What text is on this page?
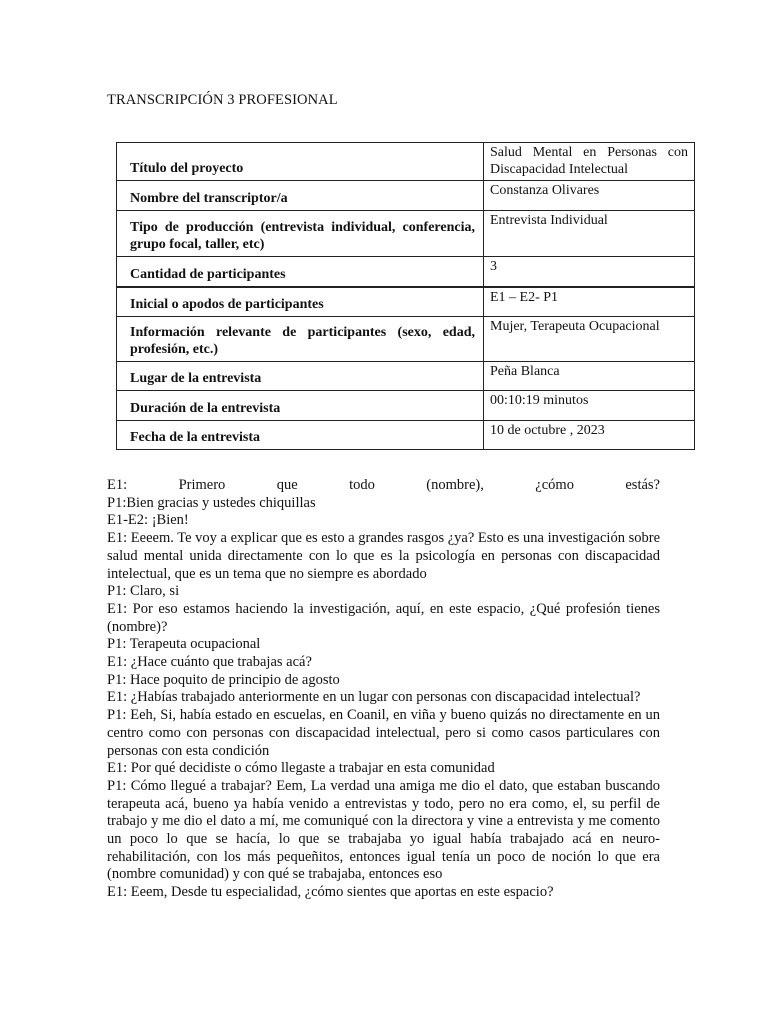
TRANSCRIPCIÓN 3 PROFESIONAL
Título del proyecto	Salud Mental en Personas con Discapacidad Intelectual
Nombre del transcriptor/a	Constanza Olivares
Tipo de producción (entrevista individual, conferencia, grupo focal, taller, etc)	Entrevista Individual
Cantidad de participantes	3
Inicial o apodos de participantes	E1 – E2- P1
Información relevante de participantes (sexo, edad, profesión, etc.)	Mujer, Terapeuta Ocupacional
Lugar de la entrevista	Peña Blanca
Duración de la entrevista	00:10:19 minutos
Fecha de la entrevista	10 de octubre , 2023

E1: Primero que todo (nombre), ¿cómo estás?

P1:Bien gracias y ustedes chiquillas

E1-E2: ¡Bien!

E1: Eeeem. Te voy a explicar que es esto a grandes rasgos ¿ya? Esto es una investigación sobre salud mental unida directamente con lo que es la psicología en personas con discapacidad intelectual, que es un tema que no siempre es abordado

P1: Claro, si

E1: Por eso estamos haciendo la investigación, aquí, en este espacio, ¿Qué profesión tienes (nombre)?

P1: Terapeuta ocupacional

E1: ¿Hace cuánto que trabajas acá?

P1: Hace poquito de principio de agosto

E1: ¿Habías trabajado anteriormente en un lugar con personas con discapacidad intelectual?

P1: Eeh, Si, había estado en escuelas, en Coanil, en viña y bueno quizás no directamente en un centro como con personas con discapacidad intelectual, pero si como casos particulares con personas con esta condición

E1: Por qué decidiste o cómo llegaste a trabajar en esta comunidad

P1: Cómo llegué a trabajar? Eem, La verdad una amiga me dio el dato, que estaban buscando terapeuta acá, bueno ya había venido a entrevistas y todo, pero no era como, el, su perfil de trabajo y me dio el dato a mí, me comuniqué con la directora y vine a entrevista y me comento un poco lo que se hacía, lo que se trabajaba yo igual había trabajado acá en neuro-rehabilitación, con los más pequeñitos, entonces igual tenía un poco de noción lo que era (nombre comunidad) y con qué se trabajaba, entonces eso

E1: Eeem, Desde tu especialidad, ¿cómo sientes que aportas en este espacio?
